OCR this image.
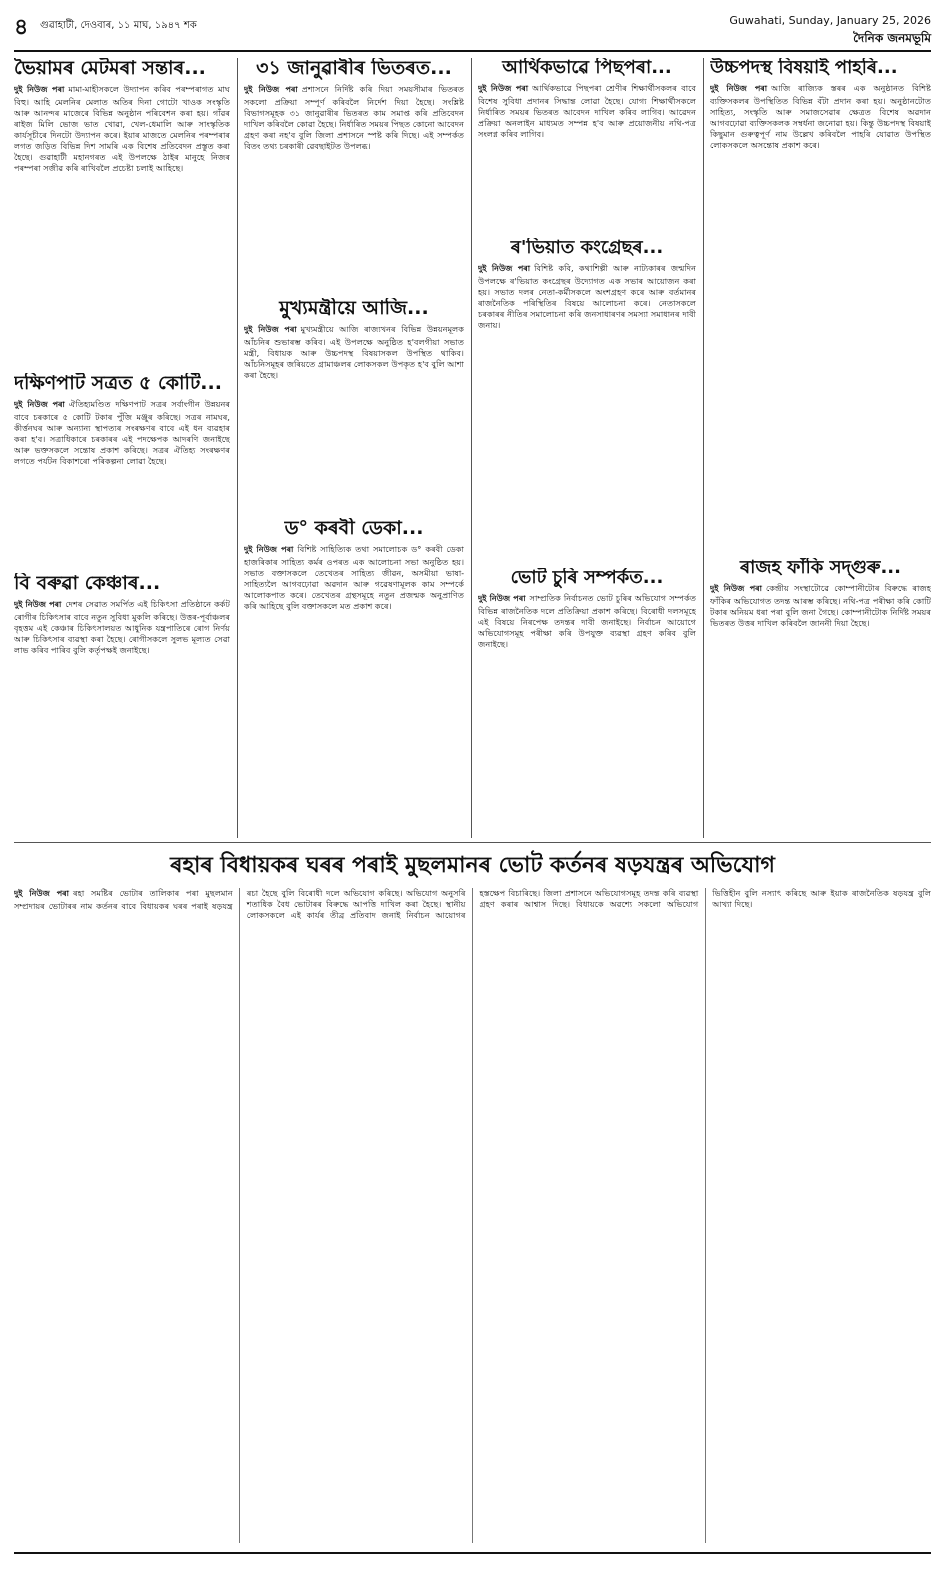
৪ গুৱাহাটী, দেওবাৰ, ১১ মাঘ, ১৯৪৭ শক	Guwahati, Sunday, January 25, 2026
দৈনিক জনমভূমি
ভৈয়ামৰ মেটমৰা সন্তাৰ...

দুই নিউজ পৰা মামা-মাহীসকলে উদ্যাপন কৰিব পৰম্পৰাগত মাঘ বিহু। আহি মেলনিৰ মেলাত অতিৰ দিনা গোটো খাওক সংস্কৃতি আৰু আনন্দৰ মাজেৰে বিভিন্ন অনুষ্ঠান পৰিবেশন কৰা হয়। গাঁৱৰ ৰাইজ মিলি ভোজ ভাত খোৱা, খেল-ধেমালি আৰু সাংস্কৃতিক কাৰ্যসূচীৰে দিনটো উদ্যাপন কৰে। ইয়াৰ মাজতে মেলনিৰ পৰম্পৰাৰ লগত জড়িত বিভিন্ন দিশ সামৰি এক বিশেষ প্ৰতিবেদন প্ৰস্তুত কৰা হৈছে। গুৱাহাটী মহানগৰত এই উপলক্ষে ঠাইৰ মানুহে নিজৰ পৰম্পৰা সজীৱ কৰি ৰাখিবলৈ প্ৰচেষ্টা চলাই আহিছে।

দক্ষিণপাট সত্ৰত ৫ কোটি...

দুই নিউজ পৰা ঐতিহ্যমণ্ডিত দক্ষিণপাট সত্ৰৰ সৰ্বাংগীন উন্নয়নৰ বাবে চৰকাৰে ৫ কোটি টকাৰ পুঁজি মঞ্জুৰ কৰিছে। সত্ৰৰ নামঘৰ, কীৰ্ত্তনঘৰ আৰু অন্যান্য স্থাপত্যৰ সংৰক্ষণৰ বাবে এই ধন ব্যৱহাৰ কৰা হ'ব। সত্ৰাধিকাৰে চৰকাৰৰ এই পদক্ষেপক আদৰণি জনাইছে আৰু ভক্তসকলে সন্তোষ প্ৰকাশ কৰিছে। সত্ৰৰ ঐতিহ্য সংৰক্ষণৰ লগতে পৰ্যটন বিকাশৰো পৰিকল্পনা লোৱা হৈছে।

বি বৰুৱা কেঞ্চাৰ...

দুই নিউজ পৰা দেশৰ সেৱাত সমৰ্পিত এই চিকিৎসা প্ৰতিষ্ঠানে কৰ্কট ৰোগীৰ চিকিৎসাৰ বাবে নতুন সুবিধা মুকলি কৰিছে। উত্তৰ-পূৰ্বাঞ্চলৰ বৃহত্তম এই কেঞ্চাৰ চিকিৎসালয়ত আধুনিক যন্ত্ৰপাতিৰে ৰোগ নিৰ্ণয় আৰু চিকিৎসাৰ ব্যৱস্থা কৰা হৈছে। ৰোগীসকলে সুলভ মূল্যত সেৱা লাভ কৰিব পাৰিব বুলি কৰ্তৃপক্ষই জনাইছে।

৩১ জানুৱাৰীৰ ভিতৰত...

দুই নিউজ পৰা প্ৰশাসনে নিৰ্দিষ্ট কৰি দিয়া সময়সীমাৰ ভিতৰত সকলো প্ৰক্ৰিয়া সম্পূৰ্ণ কৰিবলৈ নিৰ্দেশ দিয়া হৈছে। সংশ্লিষ্ট বিভাগসমূহক ৩১ জানুৱাৰীৰ ভিতৰত কাম সমাপ্ত কৰি প্ৰতিবেদন দাখিল কৰিবলৈ কোৱা হৈছে। নিৰ্ধাৰিত সময়ৰ পিছত কোনো আবেদন গ্ৰহণ কৰা নহ'ব বুলি জিলা প্ৰশাসনে স্পষ্ট কৰি দিছে। এই সম্পৰ্কত বিতং তথ্য চৰকাৰী ৱেবছাইটত উপলব্ধ।

মুখ্যমন্ত্ৰীয়ে আজি...

দুই নিউজ পৰা মুখ্যমন্ত্ৰীয়ে আজি ৰাজ্যখনৰ বিভিন্ন উন্নয়নমূলক আঁচনিৰ শুভাৰম্ভ কৰিব। এই উপলক্ষে অনুষ্ঠিত হ'বলগীয়া সভাত মন্ত্ৰী, বিধায়ক আৰু উচ্চপদস্থ বিষয়াসকল উপস্থিত থাকিব। আঁচনিসমূহৰ জৰিয়তে গ্ৰামাঞ্চলৰ লোকসকল উপকৃত হ'ব বুলি আশা কৰা হৈছে।

ড° কৰবী ডেকা...

দুই নিউজ পৰা বিশিষ্ট সাহিত্যিক তথা সমালোচক ড° কৰবী ডেকা হাজৰিকাৰ সাহিত্য কৰ্মৰ ওপৰত এক আলোচনা সভা অনুষ্ঠিত হয়। সভাত বক্তাসকলে তেখেতৰ সাহিত্য জীৱন, অসমীয়া ভাষা-সাহিত্যলৈ আগবঢ়োৱা অৱদান আৰু গৱেষণামূলক কাম সম্পৰ্কে আলোকপাত কৰে। তেখেতৰ গ্ৰন্থসমূহে নতুন প্ৰজন্মক অনুপ্ৰাণিত কৰি আহিছে বুলি বক্তাসকলে মত প্ৰকাশ কৰে।

আৰ্থিকভাৱে পিছপৰা...

দুই নিউজ পৰা আৰ্থিকভাৱে পিছপৰা শ্ৰেণীৰ শিক্ষাৰ্থীসকলৰ বাবে বিশেষ সুবিধা প্ৰদানৰ সিদ্ধান্ত লোৱা হৈছে। যোগ্য শিক্ষাৰ্থীসকলে নিৰ্ধাৰিত সময়ৰ ভিতৰত আবেদন দাখিল কৰিব লাগিব। আৱেদন প্ৰক্ৰিয়া অনলাইন মাধ্যমত সম্পন্ন হ'ব আৰু প্ৰয়োজনীয় নথি-পত্ৰ সংলগ্ন কৰিব লাগিব।

ৰ'ভিয়াত কংগ্ৰেছৰ...

দুই নিউজ পৰা বিশিষ্ট কবি, কথাশিল্পী আৰু নাট্যকাৰৰ জন্মদিন উপলক্ষে ৰ'ভিয়াত কংগ্ৰেছৰ উদ্যোগত এক সভাৰ আয়োজন কৰা হয়। সভাত দলৰ নেতা-কৰ্মীসকলে অংশগ্ৰহণ কৰে আৰু বৰ্তমানৰ ৰাজনৈতিক পৰিস্থিতিৰ বিষয়ে আলোচনা কৰে। নেতাসকলে চৰকাৰৰ নীতিৰ সমালোচনা কৰি জনসাধাৰণৰ সমস্যা সমাধানৰ দাবী জনায়।

ভোট চুৰি সম্পৰ্কত...

দুই নিউজ পৰা সাম্প্ৰতিক নিৰ্বাচনত ভোট চুৰিৰ অভিযোগ সম্পৰ্কত বিভিন্ন ৰাজনৈতিক দলে প্ৰতিক্ৰিয়া প্ৰকাশ কৰিছে। বিৰোধী দলসমূহে এই বিষয়ে নিৰপেক্ষ তদন্তৰ দাবী জনাইছে। নিৰ্বাচন আয়োগে অভিযোগসমূহ পৰীক্ষা কৰি উপযুক্ত ব্যৱস্থা গ্ৰহণ কৰিব বুলি জনাইছে।

উচ্চপদস্থ বিষয়াই পাহৰি...

দুই নিউজ পৰা আজি ৰাজ্যিক স্তৰৰ এক অনুষ্ঠানত বিশিষ্ট ব্যক্তিসকলৰ উপস্থিতিত বিভিন্ন বঁটা প্ৰদান কৰা হয়। অনুষ্ঠানটোত সাহিত্য, সংস্কৃতি আৰু সমাজসেৱাৰ ক্ষেত্ৰত বিশেষ অৱদান আগবঢ়োৱা ব্যক্তিসকলক সম্বৰ্ধনা জনোৱা হয়। কিন্তু উচ্চপদস্থ বিষয়াই কিছুমান গুৰুত্বপূৰ্ণ নাম উল্লেখ কৰিবলৈ পাহৰি যোৱাত উপস্থিত লোকসকলে অসন্তোষ প্ৰকাশ কৰে।

ৰাজহ ফাঁকি সদ্গুৰু...

দুই নিউজ পৰা কেন্দ্ৰীয় সংস্থাটোৱে কোম্পানীটোৰ বিৰুদ্ধে ৰাজহ ফাঁকিৰ অভিযোগত তদন্ত আৰম্ভ কৰিছে। নথি-পত্ৰ পৰীক্ষা কৰি কোটি টকাৰ অনিয়ম ধৰা পৰা বুলি জনা গৈছে। কোম্পানীটোক নিৰ্দিষ্ট সময়ৰ ভিতৰত উত্তৰ দাখিল কৰিবলৈ জাননী দিয়া হৈছে।

ৰহাৰ বিধায়কৰ ঘৰৰ পৰাই মুছলমানৰ ভোট কৰ্তনৰ ষড়যন্ত্ৰৰ অভিযোগ

দুই নিউজ পৰা ৰহা সমষ্টিৰ ভোটাৰ তালিকাৰ পৰা মুছলমান সম্প্ৰদায়ৰ ভোটাৰৰ নাম কৰ্তনৰ বাবে বিধায়কৰ ঘৰৰ পৰাই ষড়যন্ত্ৰ ৰচা হৈছে বুলি বিৰোধী দলে অভিযোগ কৰিছে। অভিযোগ অনুসৰি শতাধিক বৈধ ভোটাৰৰ বিৰুদ্ধে আপত্তি দাখিল কৰা হৈছে। স্থানীয় লোকসকলে এই কাৰ্যৰ তীব্ৰ প্ৰতিবাদ জনাই নিৰ্বাচন আয়োগৰ হস্তক্ষেপ বিচাৰিছে। জিলা প্ৰশাসনে অভিযোগসমূহ তদন্ত কৰি ব্যৱস্থা গ্ৰহণ কৰাৰ আশ্বাস দিছে। বিধায়কে অৱশ্যে সকলো অভিযোগ ভিত্তিহীন বুলি নস্যাৎ কৰিছে আৰু ইয়াক ৰাজনৈতিক ষড়যন্ত্ৰ বুলি আখ্যা দিছে।
